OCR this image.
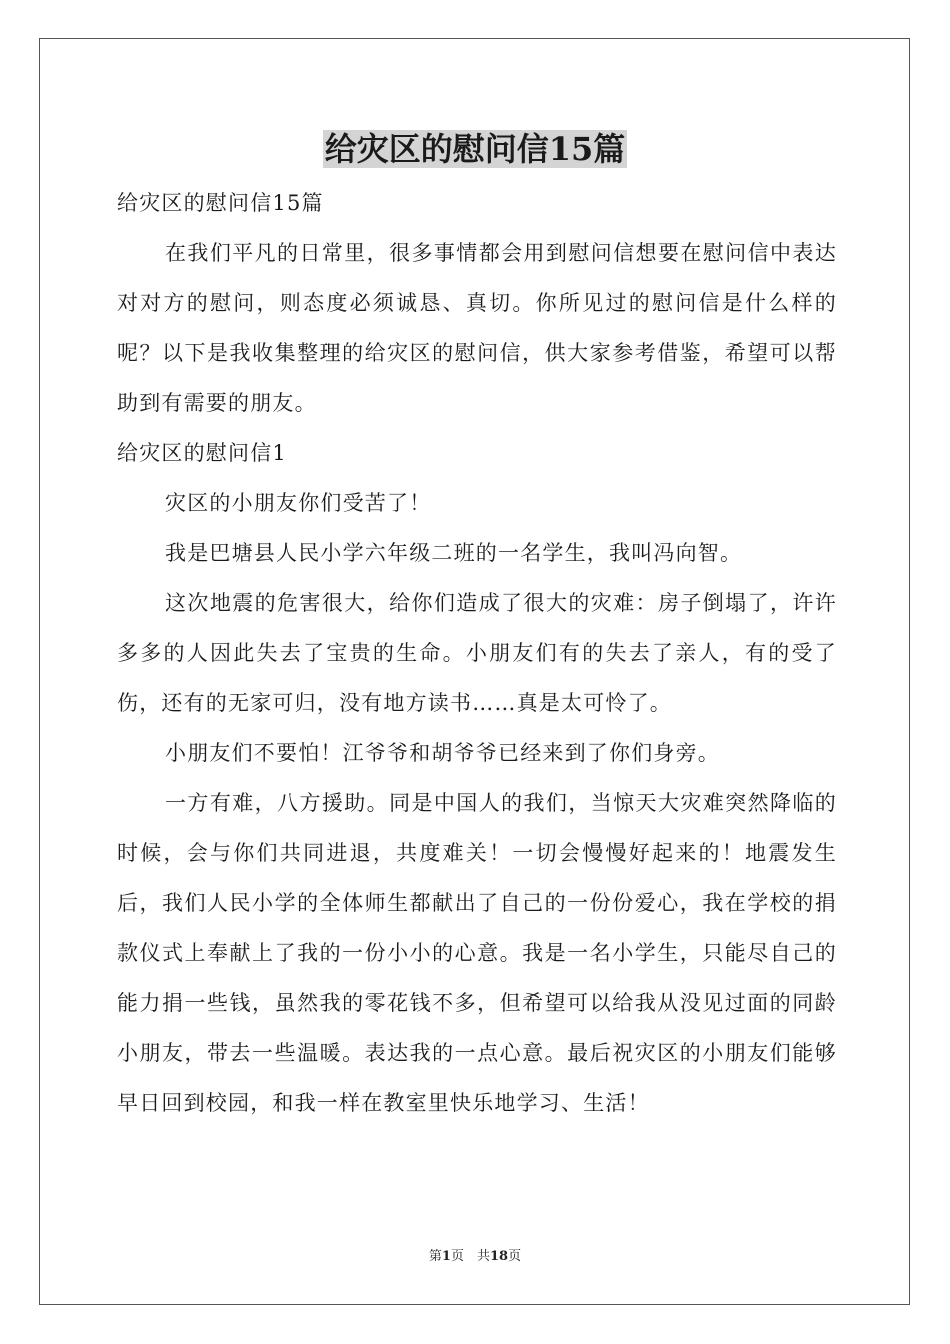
给灾区的慰问信15篇

给灾区的慰问信15篇

在我们平凡的日常里，很多事情都会用到慰问信想要在慰问信中表达对对方的慰问，则态度必须诚恳、真切。你所见过的慰问信是什么样的呢？以下是我收集整理的给灾区的慰问信，供大家参考借鉴，希望可以帮助到有需要的朋友。

给灾区的慰问信1

灾区的小朋友你们受苦了！

我是巴塘县人民小学六年级二班的一名学生，我叫冯向智。

这次地震的危害很大，给你们造成了很大的灾难：房子倒塌了，许许多多的人因此失去了宝贵的生命。小朋友们有的失去了亲人，有的受了伤，还有的无家可归，没有地方读书……真是太可怜了。

小朋友们不要怕！江爷爷和胡爷爷已经来到了你们身旁。

一方有难，八方援助。同是中国人的我们，当惊天大灾难突然降临的时候，会与你们共同进退，共度难关！一切会慢慢好起来的！地震发生后，我们人民小学的全体师生都献出了自己的一份份爱心，我在学校的捐款仪式上奉献上了我的一份小小的心意。我是一名小学生，只能尽自己的能力捐一些钱，虽然我的零花钱不多，但希望可以给我从没见过面的同龄小朋友，带去一些温暖。表达我的一点心意。最后祝灾区的小朋友们能够早日回到校园，和我一样在教室里快乐地学习、生活！

第1页　共18页
